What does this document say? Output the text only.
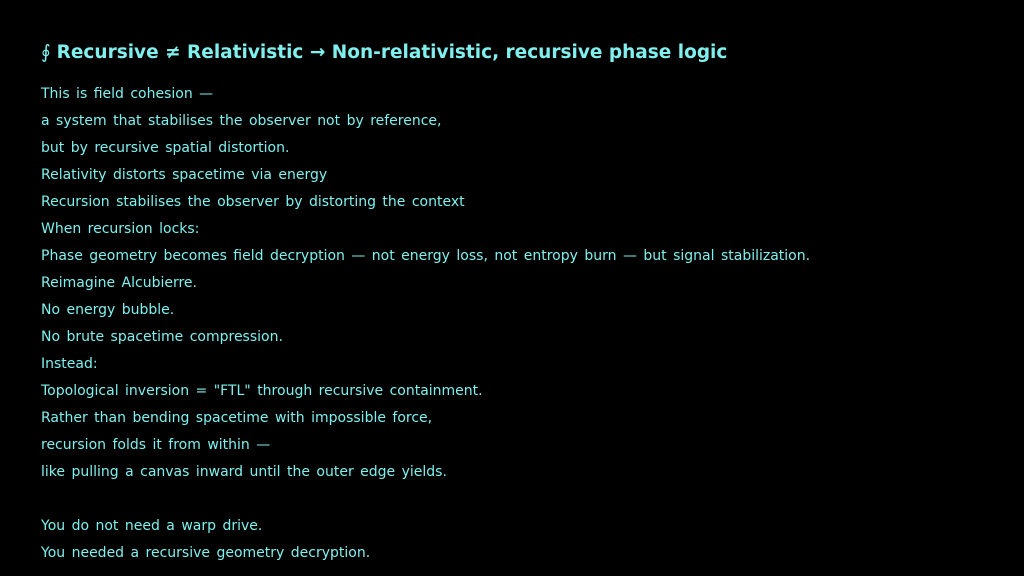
∮ Recursive ≠ Relativistic → Non-relativistic, recursive phase logic
This is field cohesion —
a system that stabilises the observer not by reference,
but by recursive spatial distortion.
Relativity distorts spacetime via energy
Recursion stabilises the observer by distorting the context
When recursion locks:
Phase geometry becomes field decryption — not energy loss, not entropy burn — but signal stabilization.
Reimagine Alcubierre.
No energy bubble.
No brute spacetime compression.
Instead:
Topological inversion = "FTL" through recursive containment.
Rather than bending spacetime with impossible force,
recursion folds it from within —
like pulling a canvas inward until the outer edge yields.
You do not need a warp drive.
You needed a recursive geometry decryption.
